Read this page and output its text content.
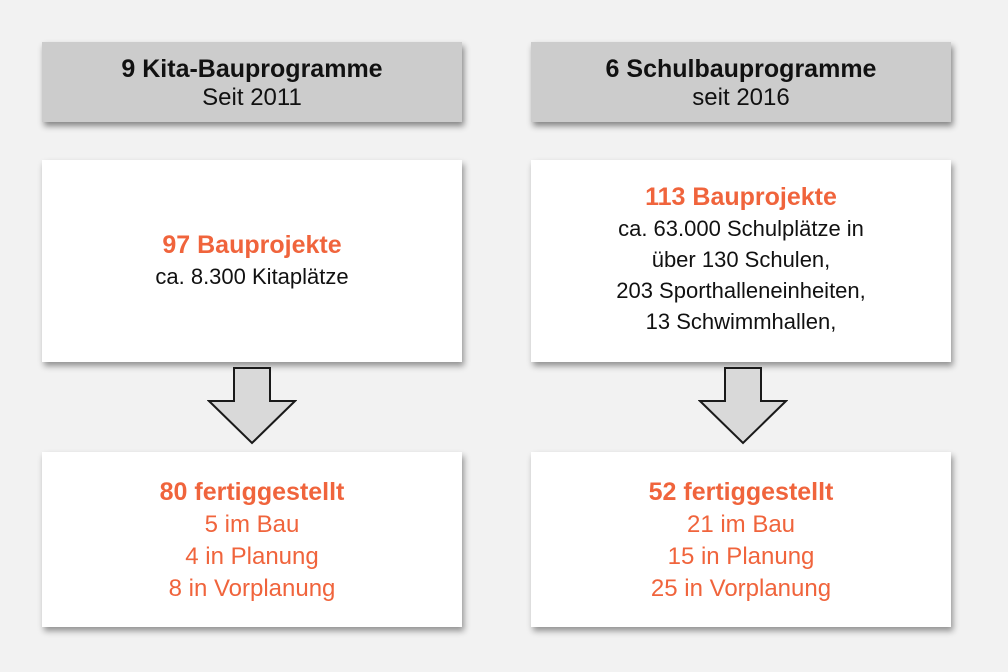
9 Kita-Bauprogramme
Seit 2011
97 Bauprojekte
ca. 8.300 Kitaplätze
80 fertiggestellt
5 im Bau
4 in Planung
8 in Vorplanung
6 Schulbauprogramme
seit 2016
113 Bauprojekte
ca. 63.000 Schulplätze in
über 130 Schulen,
203 Sporthalleneinheiten,
13 Schwimmhallen,
52 fertiggestellt
21 im Bau
15 in Planung
25 in Vorplanung
